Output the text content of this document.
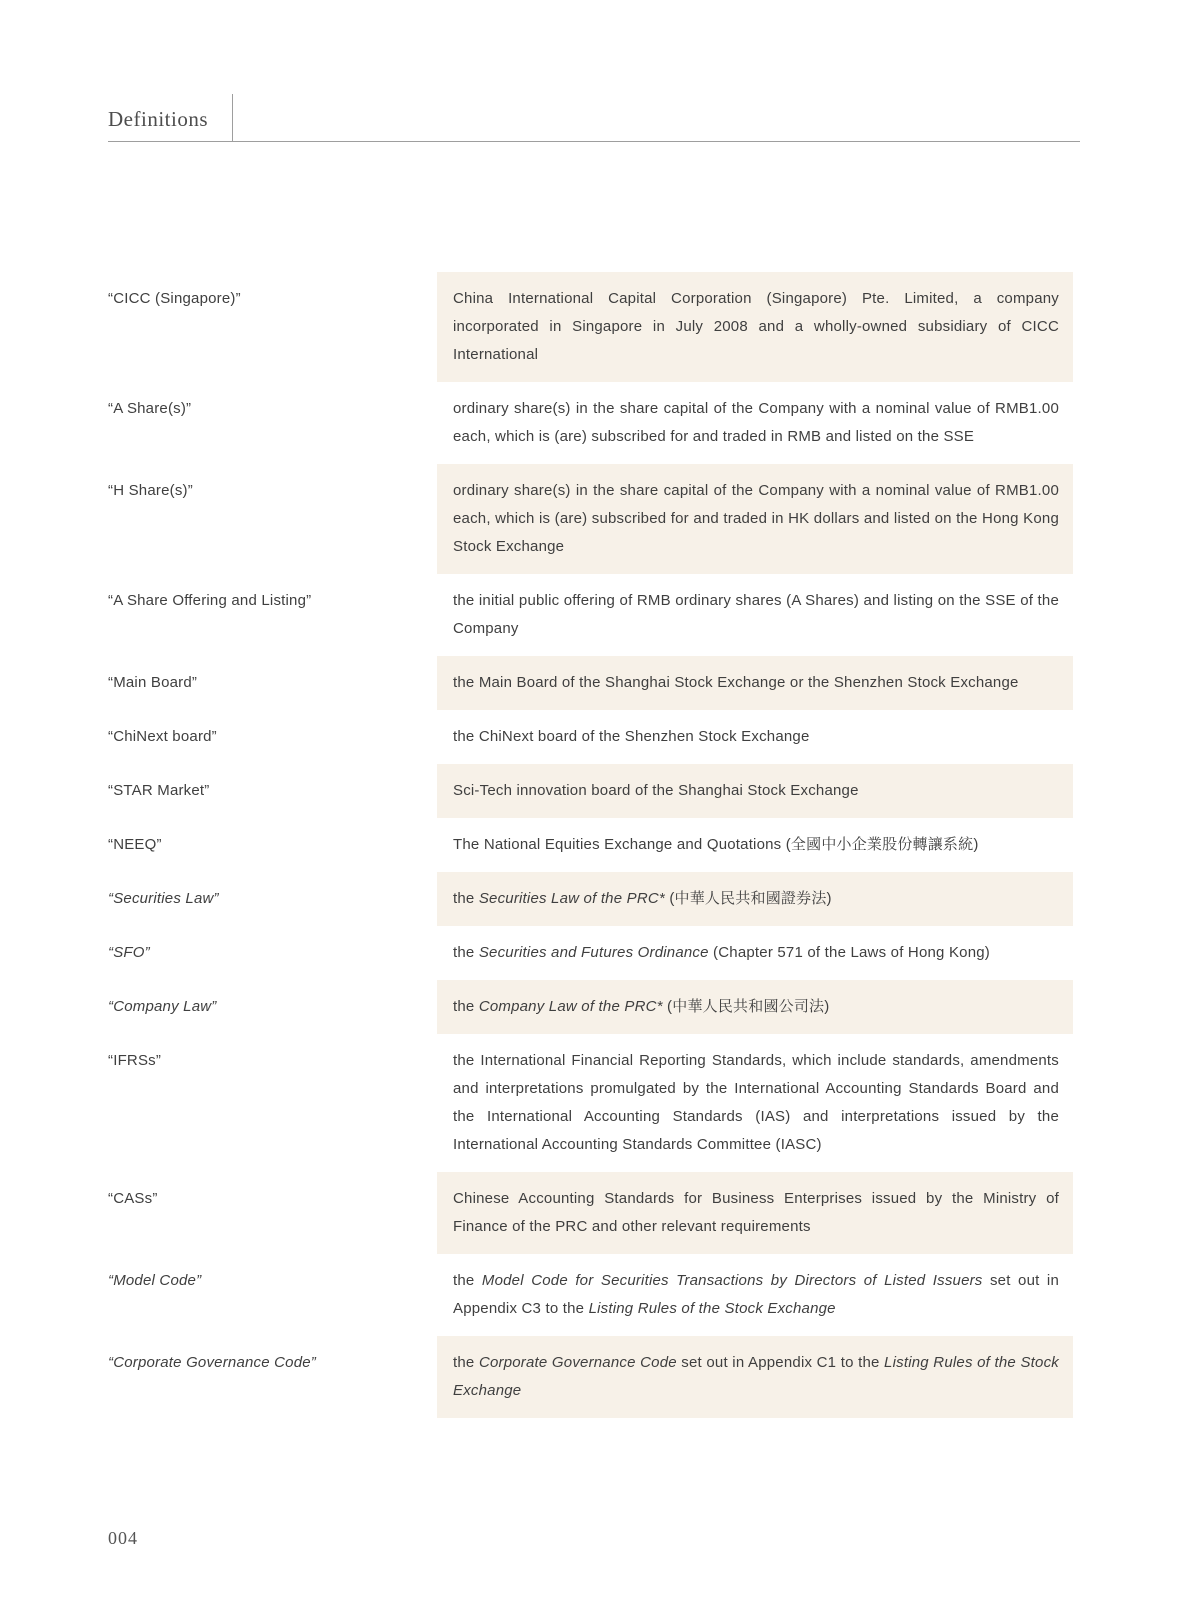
Definitions
“CICC (Singapore)”	China International Capital Corporation (Singapore) Pte. Limited, a company incorporated in Singapore in July 2008 and a wholly-owned subsidiary of CICC International
“A Share(s)”	ordinary share(s) in the share capital of the Company with a nominal value of RMB1.00 each, which is (are) subscribed for and traded in RMB and listed on the SSE
“H Share(s)”	ordinary share(s) in the share capital of the Company with a nominal value of RMB1.00 each, which is (are) subscribed for and traded in HK dollars and listed on the Hong Kong Stock Exchange
“A Share Offering and Listing”	the initial public offering of RMB ordinary shares (A Shares) and listing on the SSE of the Company
“Main Board”	the Main Board of the Shanghai Stock Exchange or the Shenzhen Stock Exchange
“ChiNext board”	the ChiNext board of the Shenzhen Stock Exchange
“STAR Market”	Sci-Tech innovation board of the Shanghai Stock Exchange
“NEEQ”	The National Equities Exchange and Quotations (全國中小企業股份轉讓系統)
“Securities Law”	the Securities Law of the PRC* (中華人民共和國證券法)
“SFO”	the Securities and Futures Ordinance (Chapter 571 of the Laws of Hong Kong)
“Company Law”	the Company Law of the PRC* (中華人民共和國公司法)
“IFRSs”	the International Financial Reporting Standards, which include standards, amendments and interpretations promulgated by the International Accounting Standards Board and the International Accounting Standards (IAS) and interpretations issued by the International Accounting Standards Committee (IASC)
“CASs”	Chinese Accounting Standards for Business Enterprises issued by the Ministry of Finance of the PRC and other relevant requirements
“Model Code”	the Model Code for Securities Transactions by Directors of Listed Issuers set out in Appendix C3 to the Listing Rules of the Stock Exchange
“Corporate Governance Code”	the Corporate Governance Code set out in Appendix C1 to the Listing Rules of the Stock Exchange
004
